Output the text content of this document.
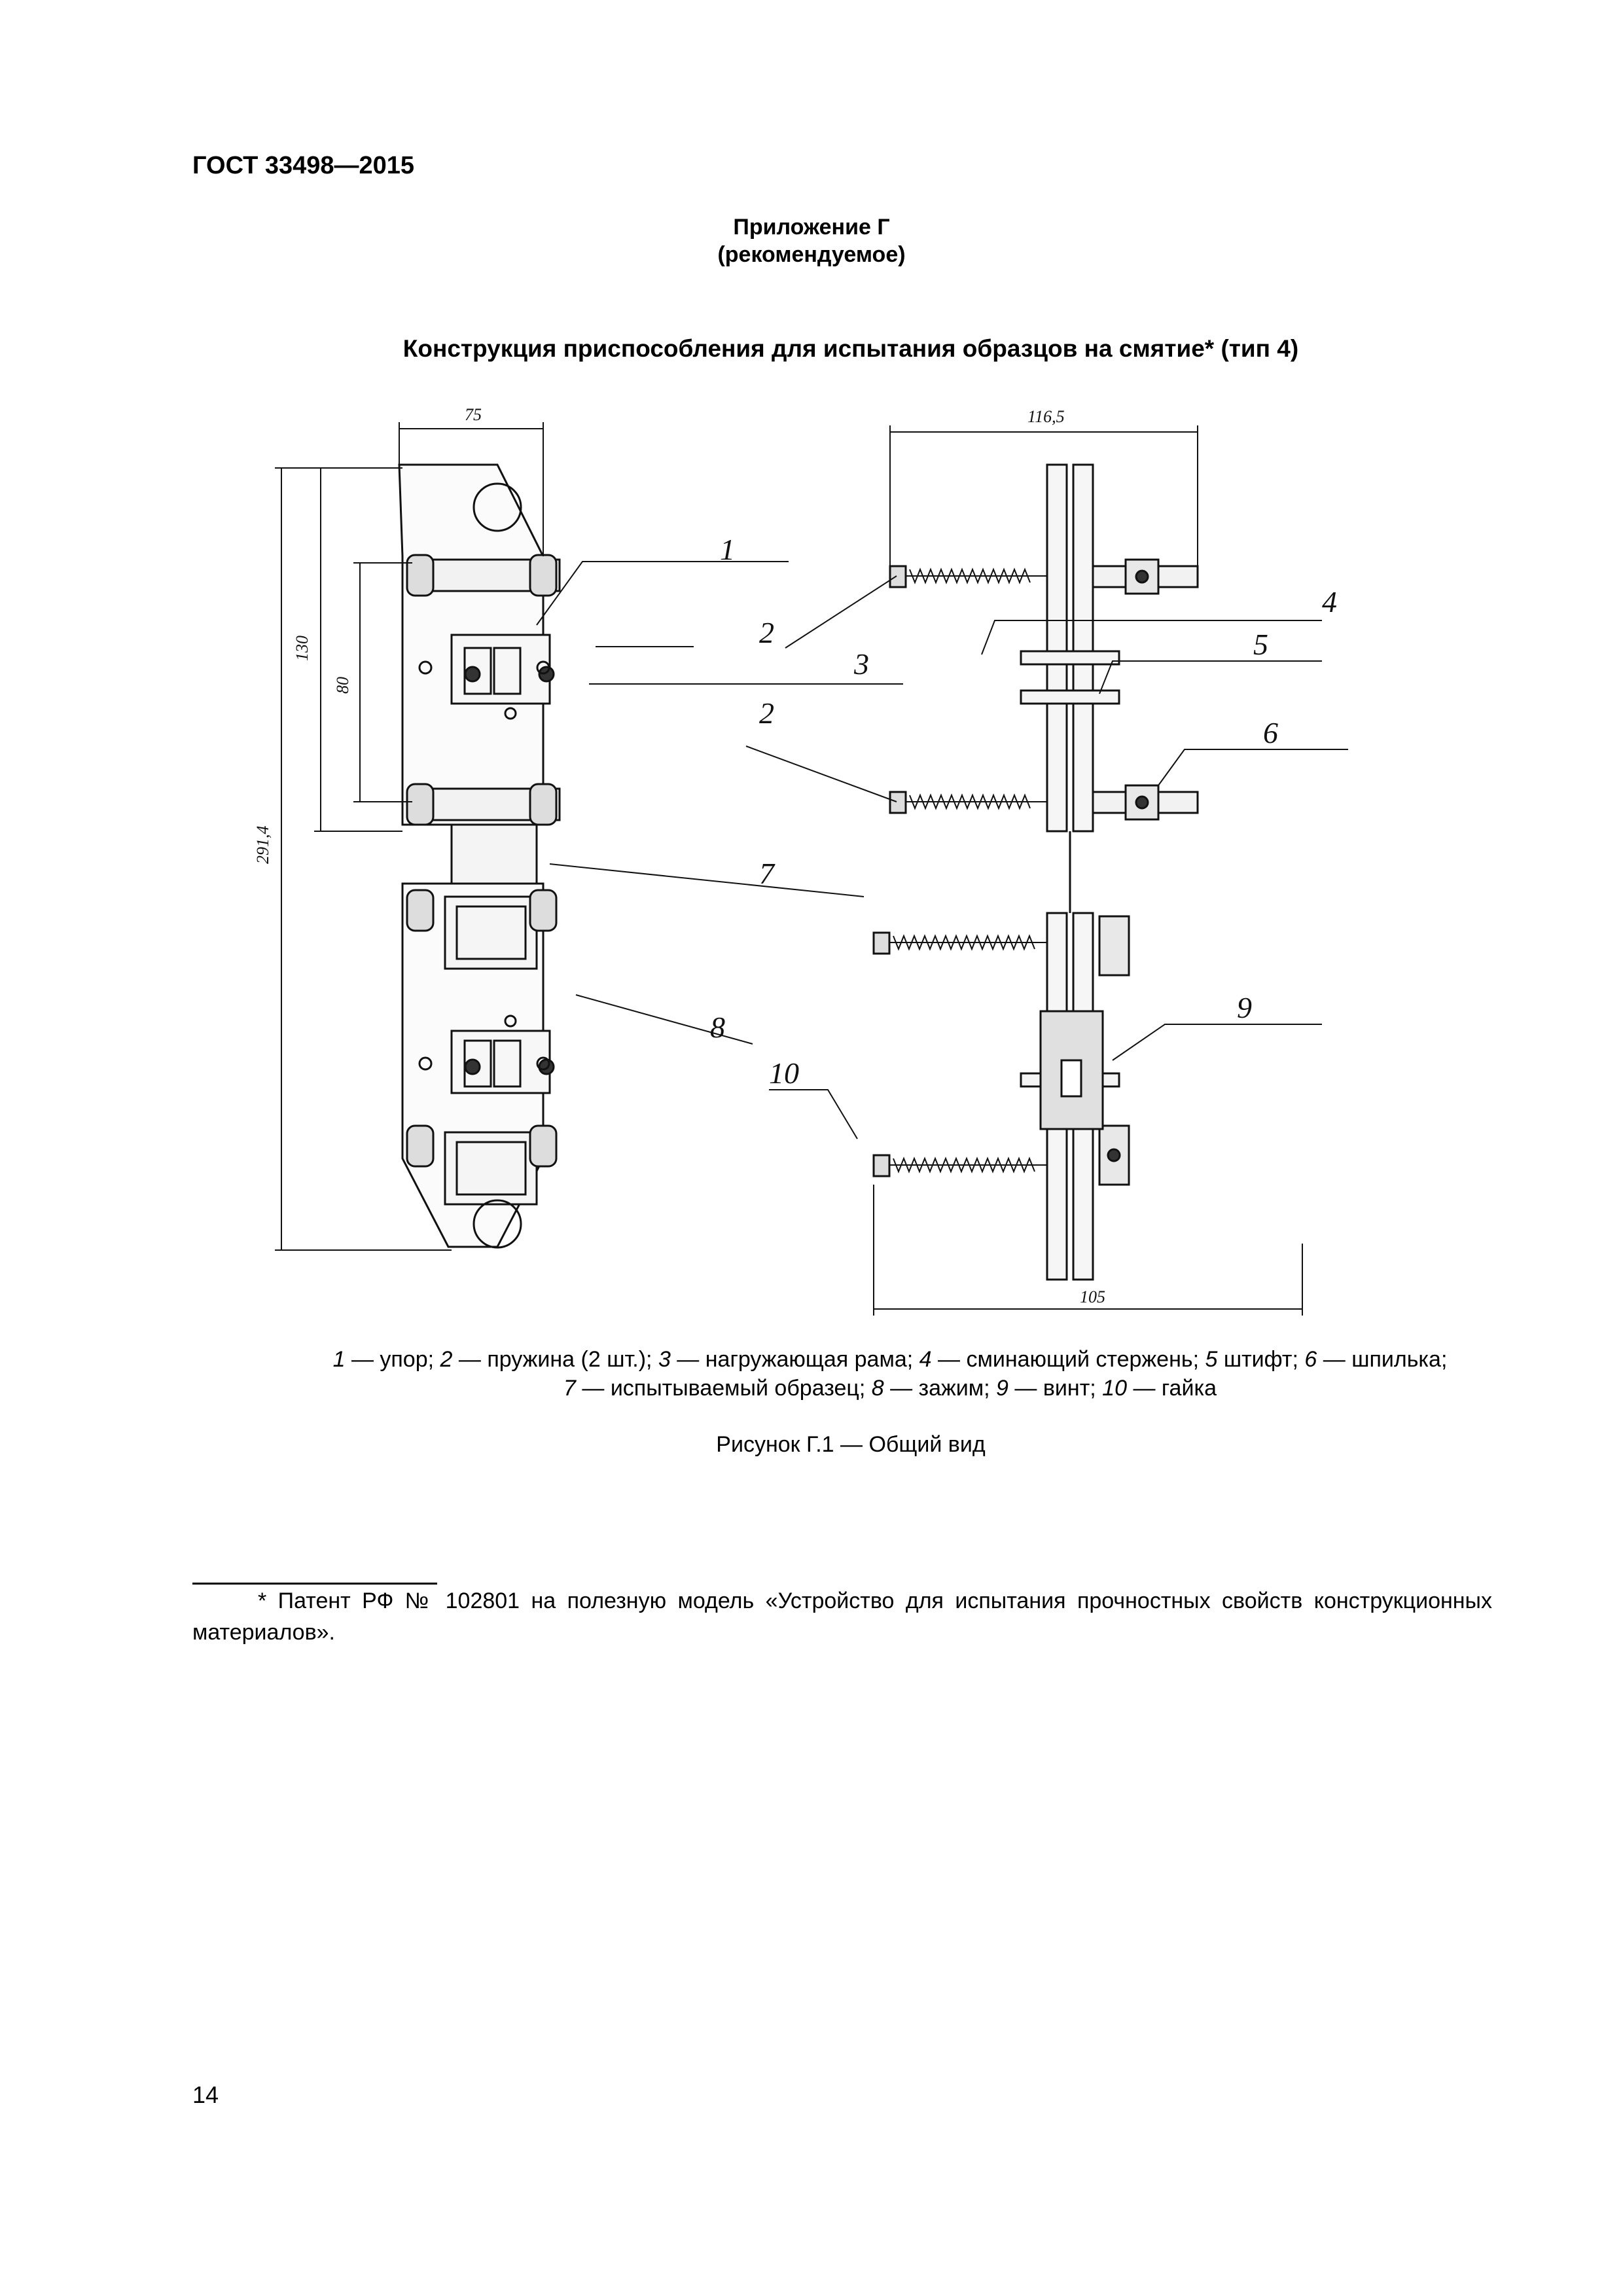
ГОСТ 33498—2015
Приложение Г
(рекомендуемое)
Конструкция приспособления для испытания образцов на смятие* (тип 4)
75
291,4
130
80
116,5
105
1
2
3
2
7
8
4
5
6
9
10
1 — упор; 2 — пружина (2 шт.); 3 — нагружающая рама; 4 — сминающий стержень; 5 штифт; 6 — шпилька;
7 — испытываемый образец; 8 — зажим; 9 — винт; 10 — гайка
Рисунок Г.1 — Общий вид
* Патент РФ № 102801 на полезную модель «Устройство для испытания прочностных свойств конструкционных материалов».
14
